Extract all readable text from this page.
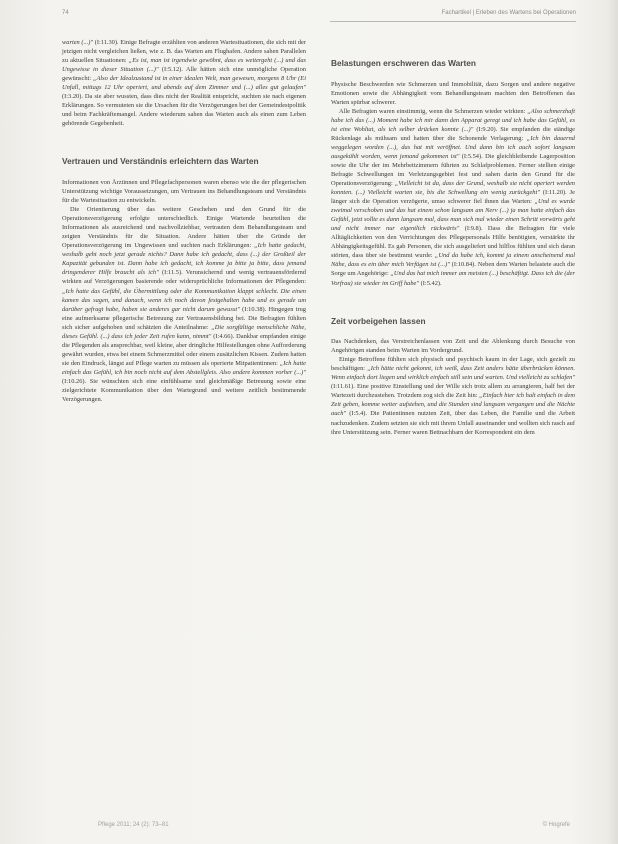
74	Fachartikel | Erleben des Wartens bei Operationen

warten (...)" (I:11.30). Einige Befragte erzählten von anderen Wartesituationen, die sich mit der jetzigen nicht vergleichen ließen, wie z. B. das Warten am Flughafen. Andere sahen Parallelen zu aktuellen Situationen: „Es ist, man ist irgendwie gewöhnt, dass es weitergeht (...) und das Ungewisse in dieser Situation (...)" (I:5.12). Alle hätten sich eine unmögliche Operation gewünscht: „Also der Idealzustand ist in einer idealen Welt, man gewesen, morgens 8 Uhr (Ei Unfall, mittags 12 Uhr operiert, und abends auf dem Zimmer und (...) alles gut gelaufen" (I:3.20). Da sie aber wussten, dass dies nicht der Realität entspricht, suchten sie nach eigenen Erklärungen. So vermuteten sie die Ursachen für die Verzögerungen bei der Gemeindestpolitik und beim Fachkräftemangel. Andere wiederum sahen das Warten auch als einen zum Leben gehörende Gegebenheit.

Vertrauen und Verständnis erleichtern das Warten

Informationen von Ärztinnen und Pflegefachpersonen waren ebenso wie die der pflegerischen Unterstützung wichtige Voraussetzungen, um Vertrauen ins Behandlungsteam und Verständnis für die Wartesituation zu entwickeln.

Die Orientierung über das weitere Geschehen und den Grund für die Operationsverzögerung erfolgte unterschiedlich. Einige Wartende beurteilten die Informationen als ausreichend und nachvollziehbar, vertrauten dem Behandlungsteam und zeigten Verständnis für die Situation. Andere hätten über die Gründe der Operationsverzögerung im Ungewissen und suchten nach Erklärungen: „Ich hatte gedacht, weshalb geht noch jetzt gerade nichts? Dann habe ich gedacht, dass (...) der Großteil der Kapazität gebunden ist. Dann habe ich gedacht, ich komme ja bitte ja bitte, dass jemand dringenderer Hilfe braucht als ich" (I:11.5). Verunsichernd und wenig vertrauensfördernd wirkten auf Verzögerungen basierende oder widersprüchliche Informationen der Pflegenden: „Ich hatte das Gefühl, die Übermittlung oder die Kommunikation klappt schlecht. Die einen kamen das sagen, und danach, wenn ich noch davon festgehalten habe und es gerade um darüber gefragt habe, haben sie anderes gar nicht darum gewusst" (I:10.38). Hingegen trug eine aufmerksame pflegerische Betreuung zur Vertrauensbildung bei. Die Befragten fühlten sich sicher aufgehoben und schätzten die Anteilnahme: „Die sorgfältige menschliche Nähe, dieses Gefühl. (...) dass ich jeder Zeit rufen kann, nimmt" (I:4.66). Dankbar empfanden einige die Pflegenden als ansprechbar, weil kleine, aber dringliche Hilfestellungen ohne Aufforderung gewährt wurden, etwa bei einem Schmerzmittel oder einem zusätzlichen Kissen. Zudem hatten sie den Eindruck, längst auf Pflege warten zu müssen als operierte Mitpatientinnen: „Ich hatte einfach das Gefühl, ich bin noch nicht auf dem Abstellgleis. Also andere kommen vorher (...)" (I:10.26). Sie wünschten sich eine einfühlsame und gleichmäßige Betreuung sowie eine zielgerichtete Kommunikation über den Wartegrund und weitere zeitlich bestimmende Verzögerungen.

Belastungen erschweren das Warten

Physische Beschwerden wie Schmerzen und Immobilität, dazu Sorgen und andere negative Emotionen sowie die Abhängigkeit vom Behandlungsteam machten den Betroffenen das Warten spürbar schwerer.

Alle Befragten waren einstimmig, wenn die Schmerzen wieder wirkten: „Also schmerzhaft habe ich das (...) Moment habe ich mir dann den Apparat geregt und ich habe das Gefühl, es ist eine Wohltat, als ich selber drücken konnte (...)" (I:9.20). Sie empfanden die ständige Rückenlage als mühsam und hatten über die Schonende Verlagerung: „Ich bin dauernd weggelegen worden (...), das hat mit veröffnet. Und dann bin ich auch sofort langsam ausgekühlt worden, wenn jemand gekommen ist" (I:5.54). Die gleichbleibende Lagerposition sowie die Uhr der im Mehrbettzimmern führten zu Schlafproblemen. Ferner stellten einige Befragte Schwellungen im Verletzungsgebiet fest und sahen darin den Grund für die Operationsverzögerung: „Vielleicht ist da, dass der Grund, weshalb sie nicht operiert werden konnten. (...) Vielleicht warten sie, bis die Schwellung ein wenig zurückgeht" (I:11.20). Je länger sich die Operation verzögerte, umso schwerer fiel ihnen das Warten: „Und es wurde zweimal verschoben und das hat einem schon langsam am Nerv (...) ja man hatte einfach das Gefühl, jetzt sollte es dann langsam mal, dass man sich mal wieder einen Schritt vorwärts geht und nicht immer nur eigentlich rückwärts" (I:9.8). Dass die Befragten für viele Alltäglichkeiten von den Verrichtungen des Pflegepersonals Hilfe benötigten, verstärkte ihr Abhängigkeitsgefühl. Es gab Personen, die sich ausgeliefert und hilflos fühlten und sich daran störten, dass über sie bestimmt wurde: „Und da habe ich, kommt ja einem anscheinend mal Nähe, dass es ein über mich Verfügen ist (...)" (I:10.84). Neben dem Warten belastete auch die Sorge um Angehörige: „Und das hat mich immer am meisten (...) beschäftigt. Dass ich die (der Vorfrau) sie wieder im Griff habe" (I:5.42).

Zeit vorbeigehen lassen

Das Nachdenken, das Verstreichenlassen von Zeit und die Ablenkung durch Besuche von Angehörigen standen beim Warten im Vordergrund.

Einige Betroffene fühlten sich physisch und psychisch kaum in der Lage, sich gezielt zu beschäftigen: „Ich hätte nicht gekonnt, ich weiß, dass Zeit anders hätte überbrücken können. Wenn einfach dort liegen und wirklich einfach still sein und warten. Und vielleicht zu schlafen" (I:11.61). Eine positive Einstellung und der Wille sich trotz allem zu arrangieren, half bei der Wartezeit durchzustehen. Trotzdem zog sich die Zeit hin: „Einfach hier ich halt einfach in dem Zeit geben, komme weiter aufstehen, und die Stunden sind langsam vergangen und die Nächte auch" (I:5.4). Die Patientinnen nutzten Zeit, über das Leben, die Familie und die Arbeit nachzudenken. Zudem setzten sie sich mit ihrem Unfall auseinander und wollten sich rasch auf ihre Unterstützung sein. Ferner waren Bettnachbarn der Korrespondent ein dem

Pflege 2011; 24 (2): 73–81	© Hogrefe
